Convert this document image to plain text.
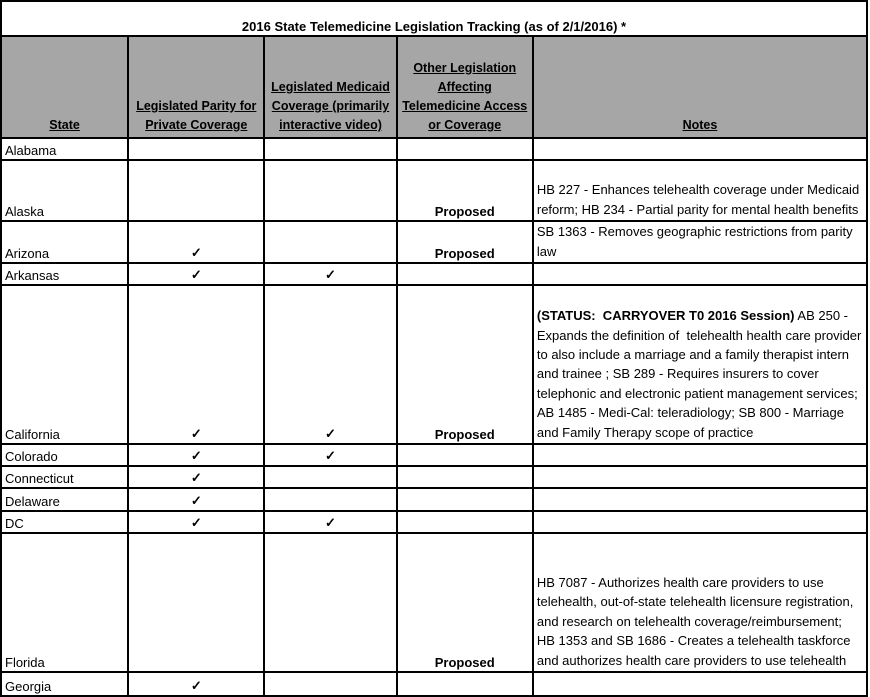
2016 State Telemedicine Legislation Tracking (as of 2/1/2016) *				
State	Legislated Parity for Private Coverage	Legislated Medicaid Coverage (primarily interactive video)	Other Legislation Affecting Telemedicine Access or Coverage	Notes
Alabama				
Alaska			Proposed	HB 227 - Enhances telehealth coverage under Medicaid reform; HB 234 - Partial parity for mental health benefits
Arizona	✓		Proposed	SB 1363 - Removes geographic restrictions from parity law
Arkansas	✓	✓		
California	✓	✓	Proposed	(STATUS:  CARRYOVER T0 2016 Session) AB 250 - Expands the definition of  telehealth health care provider to also include a marriage and a family therapist intern and trainee ; SB 289 - Requires insurers to cover telephonic and electronic patient management services; AB 1485 - Medi-Cal: teleradiology; SB 800 - Marriage and Family Therapy scope of practice
Colorado	✓	✓		
Connecticut	✓			
Delaware	✓			
DC	✓	✓		
Florida			Proposed	HB 7087 - Authorizes health care providers to use telehealth, out-of-state telehealth licensure registration, and research on telehealth coverage/reimbursement; HB 1353 and SB 1686 - Creates a telehealth taskforce and authorizes health care providers to use telehealth
Georgia	✓			
